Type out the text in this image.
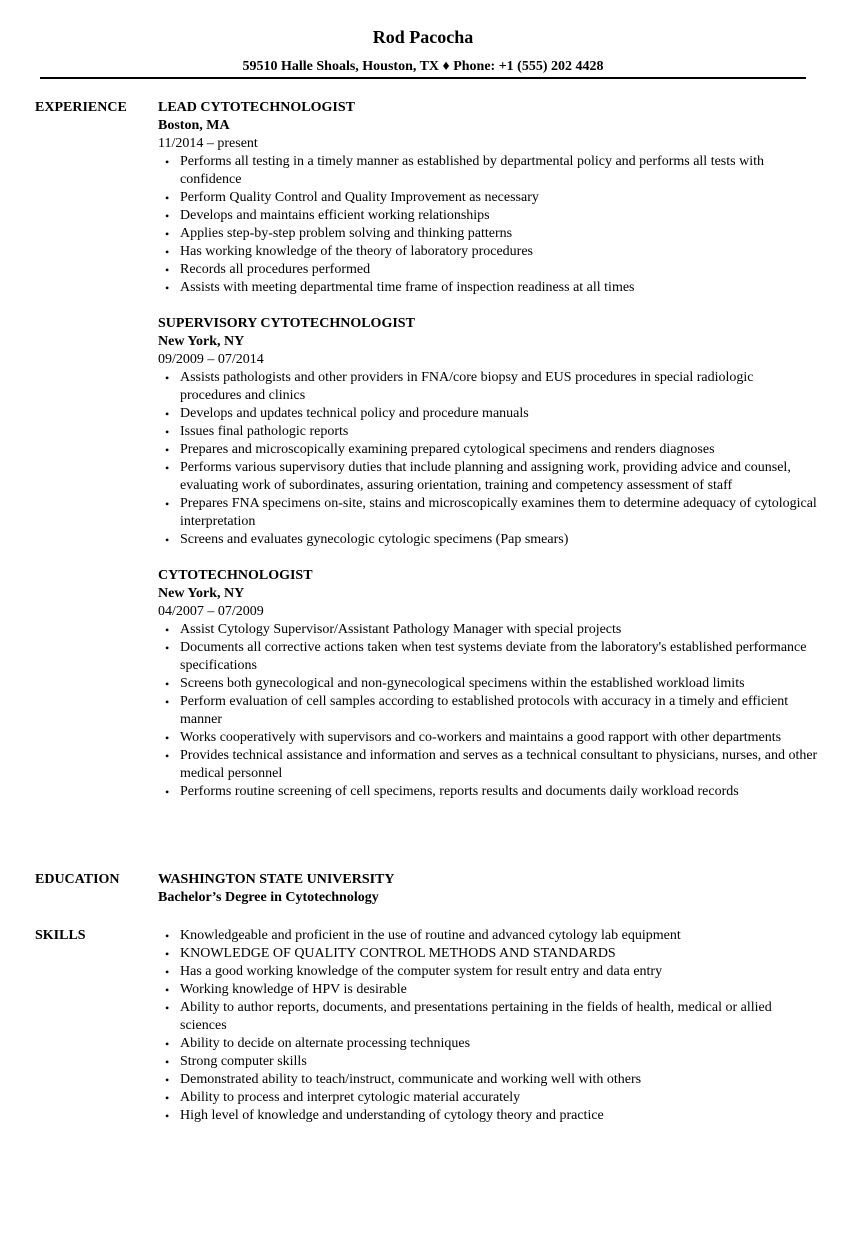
Rod Pacocha
59510 Halle Shoals, Houston, TX ♦ Phone: +1 (555) 202 4428
EXPERIENCE LEAD CYTOTECHNOLOGIST
Boston, MA
11/2014 – present
• Performs all testing in a timely manner as established by departmental policy and performs all tests with confidence
• Perform Quality Control and Quality Improvement as necessary
• Develops and maintains efficient working relationships
• Applies step-by-step problem solving and thinking patterns
• Has working knowledge of the theory of laboratory procedures
• Records all procedures performed
• Assists with meeting departmental time frame of inspection readiness at all times
SUPERVISORY CYTOTECHNOLOGIST
New York, NY
09/2009 – 07/2014
• Assists pathologists and other providers in FNA/core biopsy and EUS procedures in special radiologic procedures and clinics
• Develops and updates technical policy and procedure manuals
• Issues final pathologic reports
• Prepares and microscopically examining prepared cytological specimens and renders diagnoses
• Performs various supervisory duties that include planning and assigning work, providing advice and counsel, evaluating work of subordinates, assuring orientation, training and competency assessment of staff
• Prepares FNA specimens on-site, stains and microscopically examines them to determine adequacy of cytological interpretation
• Screens and evaluates gynecologic cytologic specimens (Pap smears)
CYTOTECHNOLOGIST
New York, NY
04/2007 – 07/2009
• Assist Cytology Supervisor/Assistant Pathology Manager with special projects
• Documents all corrective actions taken when test systems deviate from the laboratory's established performance specifications
• Screens both gynecological and non-gynecological specimens within the established workload limits
• Perform evaluation of cell samples according to established protocols with accuracy in a timely and efficient manner
• Works cooperatively with supervisors and co-workers and maintains a good rapport with other departments
• Provides technical assistance and information and serves as a technical consultant to physicians, nurses, and other medical personnel
• Performs routine screening of cell specimens, reports results and documents daily workload records
EDUCATION	WASHINGTON STATE UNIVERSITY
Bachelor’s Degree in Cytotechnology
SKILLS	• Knowledgeable and proficient in the use of routine and advanced cytology lab equipment
• KNOWLEDGE OF QUALITY CONTROL METHODS AND STANDARDS
• Has a good working knowledge of the computer system for result entry and data entry
• Working knowledge of HPV is desirable
• Ability to author reports, documents, and presentations pertaining in the fields of health, medical or allied sciences
• Ability to decide on alternate processing techniques
• Strong computer skills
• Demonstrated ability to teach/instruct, communicate and working well with others
• Ability to process and interpret cytologic material accurately
• High level of knowledge and understanding of cytology theory and practice
